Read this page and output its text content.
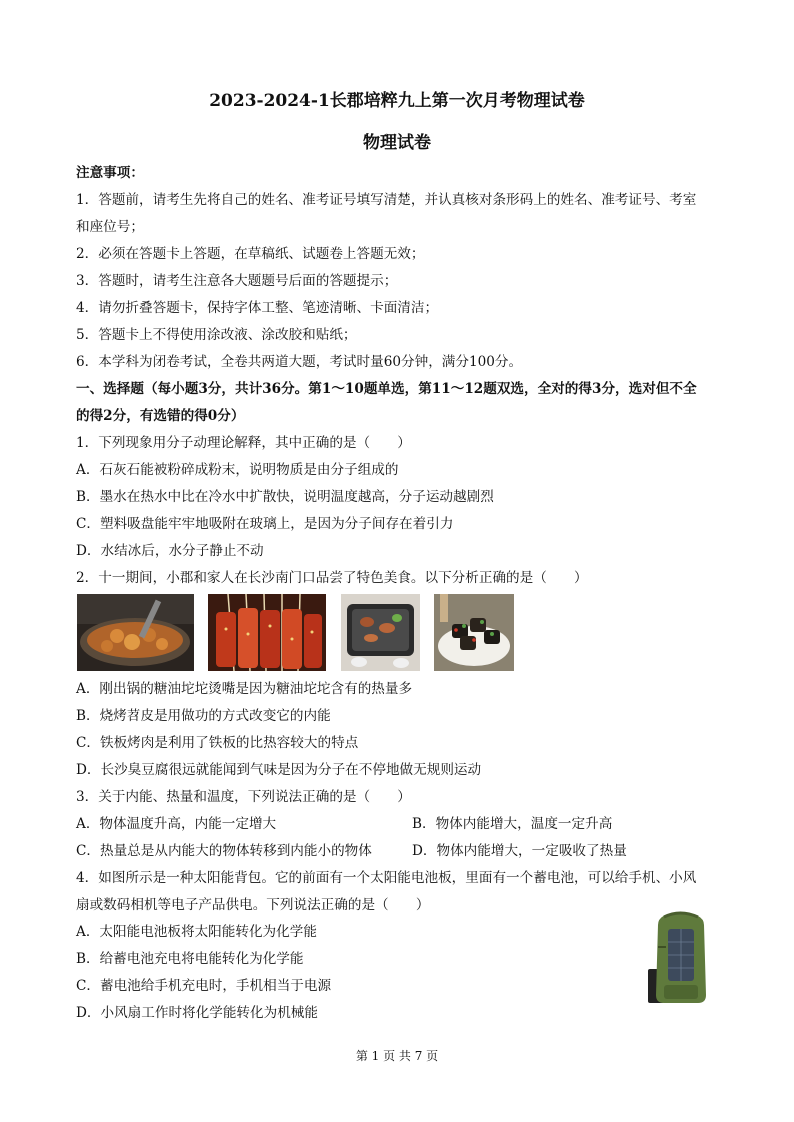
2023-2024-1长郡培粹九上第一次月考物理试卷
物理试卷
注意事项：
1．答题前，请考生先将自己的姓名、准考证号填写清楚，并认真核对条形码上的姓名、准考证号、考室
和座位号；
2．必须在答题卡上答题，在草稿纸、试题卷上答题无效；
3．答题时，请考生注意各大题题号后面的答题提示；
4．请勿折叠答题卡，保持字体工整、笔迹清晰、卡面清洁；
5．答题卡上不得使用涂改液、涂改胶和贴纸；
6．本学科为闭卷考试，全卷共两道大题，考试时量60分钟，满分100分。
一、选择题（每小题3分，共计36分。第1～10题单选，第11～12题双选，全对的得3分，选对但不全
的得2分，有选错的得0分）
1．下列现象用分子动理论解释，其中正确的是（　　）
A．石灰石能被粉碎成粉末，说明物质是由分子组成的
B．墨水在热水中比在冷水中扩散快，说明温度越高，分子运动越剧烈
C．塑料吸盘能牢牢地吸附在玻璃上，是因为分子间存在着引力
D．水结冰后，水分子静止不动
2．十一期间，小郡和家人在长沙南门口品尝了特色美食。以下分析正确的是（　　）
A．刚出锅的糖油坨坨烫嘴是因为糖油坨坨含有的热量多
B．烧烤苕皮是用做功的方式改变它的内能
C．铁板烤肉是利用了铁板的比热容较大的特点
D．长沙臭豆腐很远就能闻到气味是因为分子在不停地做无规则运动
3．关于内能、热量和温度，下列说法正确的是（　　）
A．物体温度升高，内能一定增大	B．物体内能增大，温度一定升高
C．热量总是从内能大的物体转移到内能小的物体	D．物体内能增大，一定吸收了热量
4．如图所示是一种太阳能背包。它的前面有一个太阳能电池板，里面有一个蓄电池，可以给手机、小风
扇或数码相机等电子产品供电。下列说法正确的是（　　）
A．太阳能电池板将太阳能转化为化学能
B．给蓄电池充电将电能转化为化学能
C．蓄电池给手机充电时，手机相当于电源
D．小风扇工作时将化学能转化为机械能
第 1 页 共 7 页
